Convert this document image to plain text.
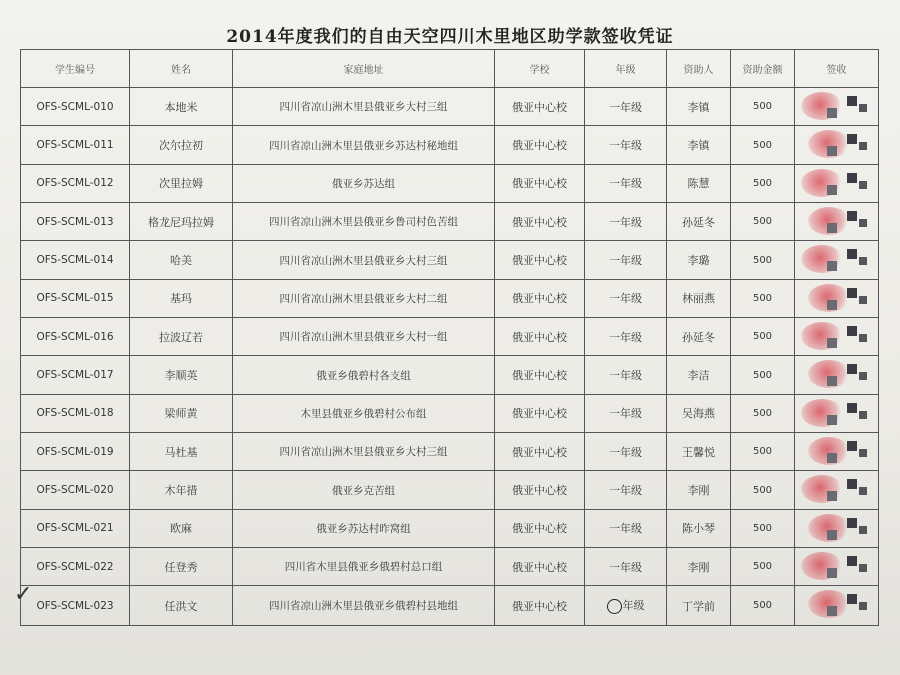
2014年度我们的自由天空四川木里地区助学款签收凭证
学生编号	姓名	家庭地址	学校	年级	资助人	资助金额	签收
OFS-SCML-010	本地米	四川省凉山洲木里县俄亚乡大村三组	俄亚中心校	一年级	李镇	500	

OFS-SCML-011	次尔拉初	四川省凉山洲木里县俄亚乡苏达村秘地组	俄亚中心校	一年级	李镇	500	

OFS-SCML-012	次里拉姆	俄亚乡苏达组	俄亚中心校	一年级	陈慧	500	

OFS-SCML-013	格龙尼玛拉姆	四川省凉山洲木里县俄亚乡鲁司村色苦组	俄亚中心校	一年级	孙延冬	500	

OFS-SCML-014	哈美	四川省凉山洲木里县俄亚乡大村三组	俄亚中心校	一年级	李璐	500	

OFS-SCML-015	基玛	四川省凉山洲木里县俄亚乡大村二组	俄亚中心校	一年级	林丽燕	500	

OFS-SCML-016	拉波辽若	四川省凉山洲木里县俄亚乡大村一组	俄亚中心校	一年级	孙延冬	500	

OFS-SCML-017	李顺英	俄亚乡俄碧村各支组	俄亚中心校	一年级	李洁	500	

OFS-SCML-018	梁师黄	木里县俄亚乡俄碧村公布组	俄亚中心校	一年级	吴海燕	500	

OFS-SCML-019	马杜基	四川省凉山洲木里县俄亚乡大村三组	俄亚中心校	一年级	王馨悦	500	

OFS-SCML-020	木年措	俄亚乡克苦组	俄亚中心校	一年级	李刚	500	

OFS-SCML-021	欧麻	俄亚乡苏达村昨窝组	俄亚中心校	一年级	陈小琴	500	

OFS-SCML-022	任登秀	四川省木里县俄亚乡俄碧村总口组	俄亚中心校	一年级	李刚	500	

OFS-SCML-023	任洪文	四川省凉山洲木里县俄亚乡俄碧村县地组	俄亚中心校	年级	丁学前	500	
✓
